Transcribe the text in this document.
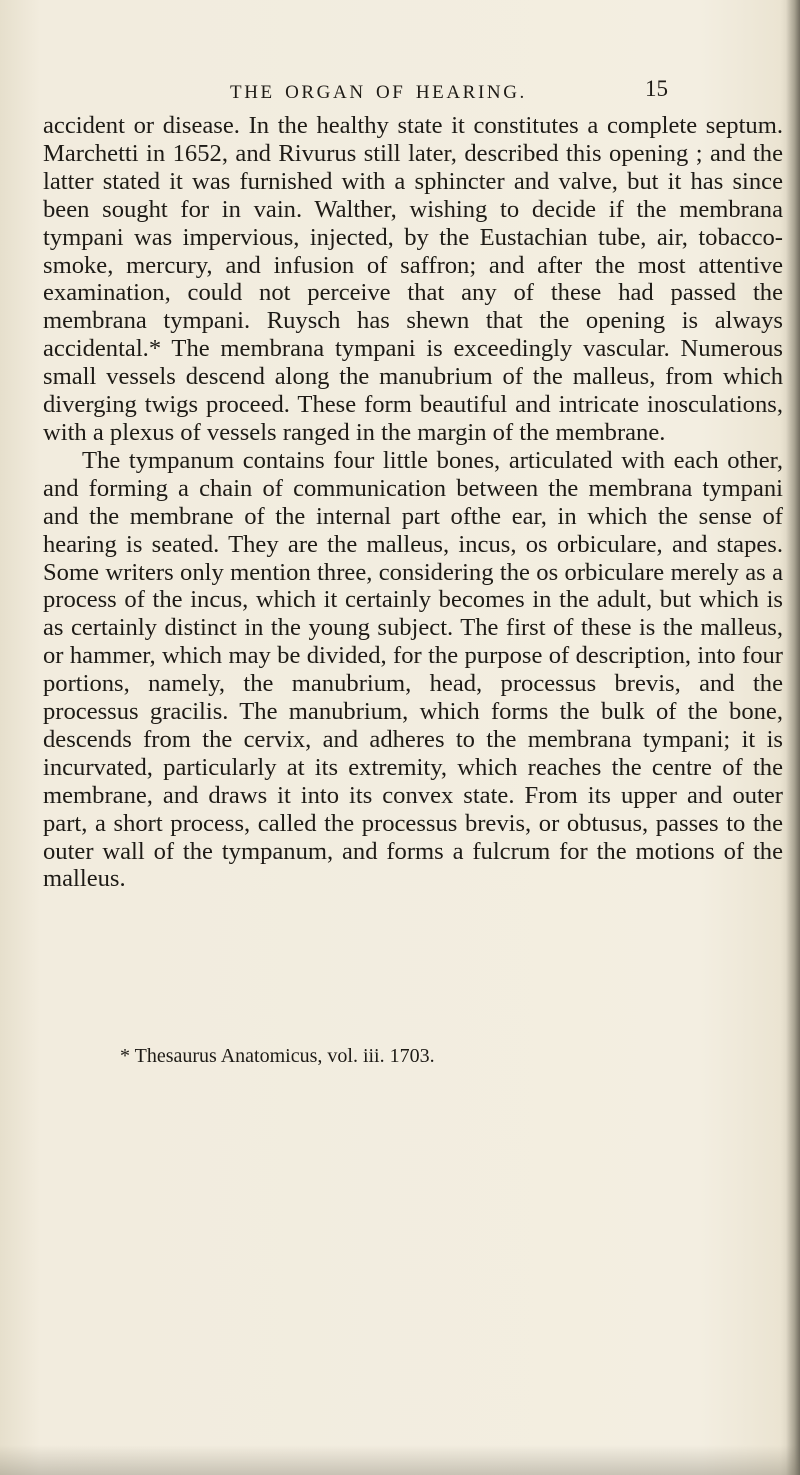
THE ORGAN OF HEARING.	15

accident or disease. In the healthy state it constitutes a complete septum. Marchetti in 1652, and Rivurus still later, described this opening ; and the latter stated it was furnished with a sphincter and valve, but it has since been sought for in vain. Walther, wishing to decide if the membrana tympani was impervious, injected, by the Eustachian tube, air, tobacco-smoke, mercury, and infusion of saffron; and after the most attentive examination, could not perceive that any of these had passed the membrana tympani. Ruysch has shewn that the opening is always accidental.* The membrana tympani is exceedingly vascular. Numerous small vessels descend along the manubrium of the malleus, from which diverging twigs proceed. These form beautiful and intricate inosculations, with a plexus of vessels ranged in the margin of the membrane.

The tympanum contains four little bones, articulated with each other, and forming a chain of communication between the membrana tympani and the membrane of the internal part ofthe ear, in which the sense of hearing is seated. They are the malleus, incus, os orbiculare, and stapes. Some writers only mention three, considering the os orbiculare merely as a process of the incus, which it certainly becomes in the adult, but which is as certainly distinct in the young subject. The first of these is the malleus, or hammer, which may be divided, for the purpose of description, into four portions, namely, the manubrium, head, processus brevis, and the processus gracilis. The manubrium, which forms the bulk of the bone, descends from the cervix, and adheres to the membrana tympani; it is incurvated, particularly at its extremity, which reaches the centre of the membrane, and draws it into its convex state. From its upper and outer part, a short process, called the processus brevis, or obtusus, passes to the outer wall of the tympanum, and forms a fulcrum for the motions of the malleus.

* Thesaurus Anatomicus, vol. iii. 1703.
